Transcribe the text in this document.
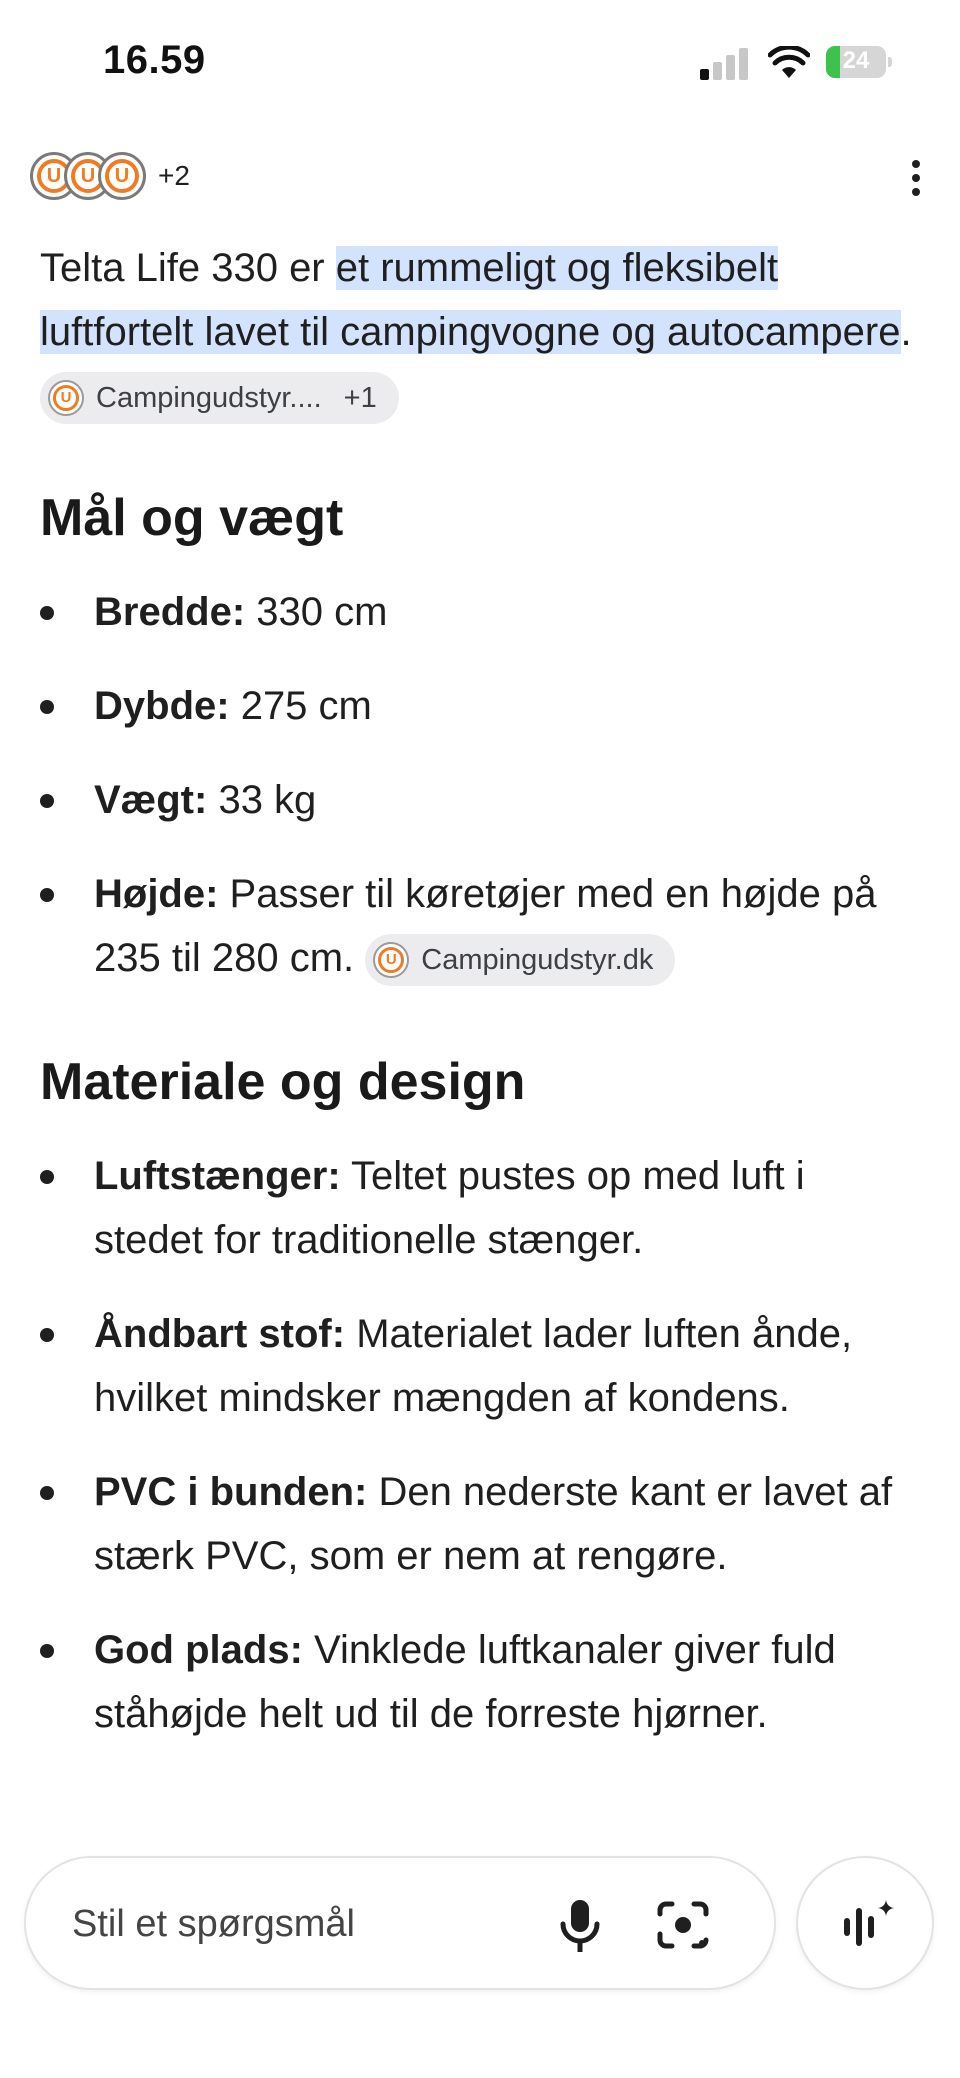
16.59	24
U U U	+2

Telta Life 330 er et rummeligt og fleksibelt luftfortelt lavet til campingvogne og autocampere.
U Campingudstyr.... +1

Mål og vægt
Bredde: 330 cm
Dybde: 275 cm
Vægt: 33 kg
Højde: Passer til køretøjer med en højde på 235 til 280 cm.	U Campingudstyr.dk
Materiale og design
Luftstænger: Teltet pustes op med luft i stedet for traditionelle stænger.
Åndbart stof: Materialet lader luften ånde, hvilket mindsker mængden af kondens.
PVC i bunden: Den nederste kant er lavet af stærk PVC, som er nem at rengøre.
God plads: Vinklede luftkanaler giver fuld ståhøjde helt ud til de forreste hjørner.
Stil et spørgsmål
